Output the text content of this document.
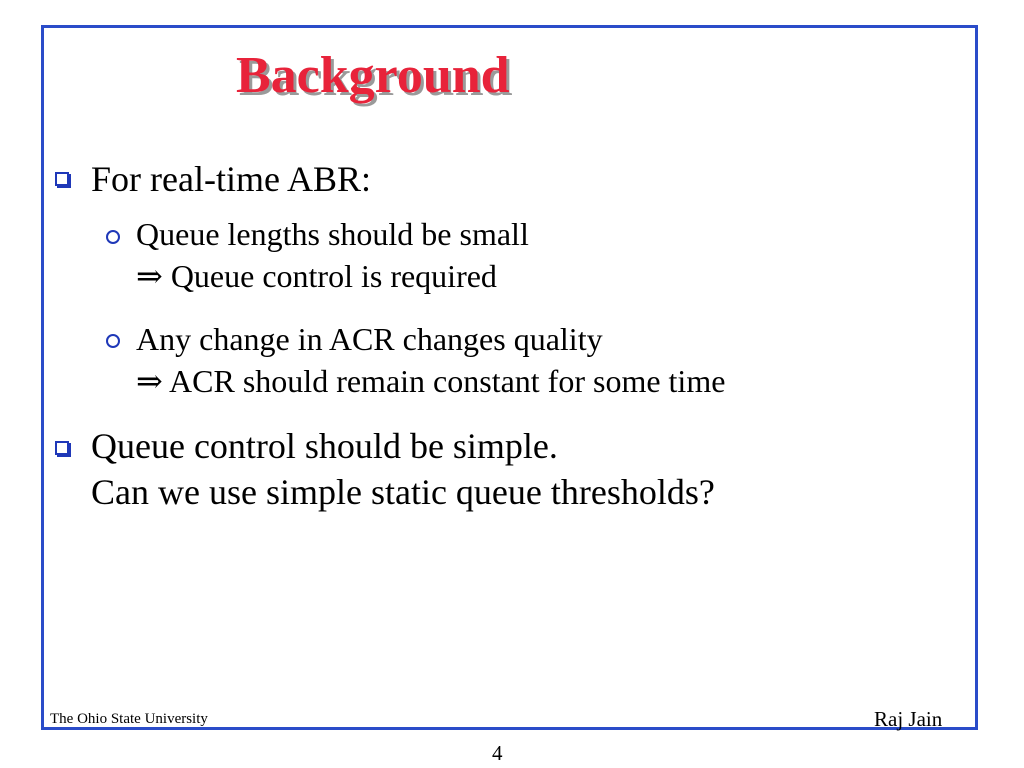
Background
For real-time ABR:
Queue lengths should be small
⇒ Queue control is required
Any change in ACR changes quality
⇒ ACR should remain constant for some time
Queue control should be simple.
Can we use simple static queue thresholds?
The Ohio State University	Raj Jain
4
